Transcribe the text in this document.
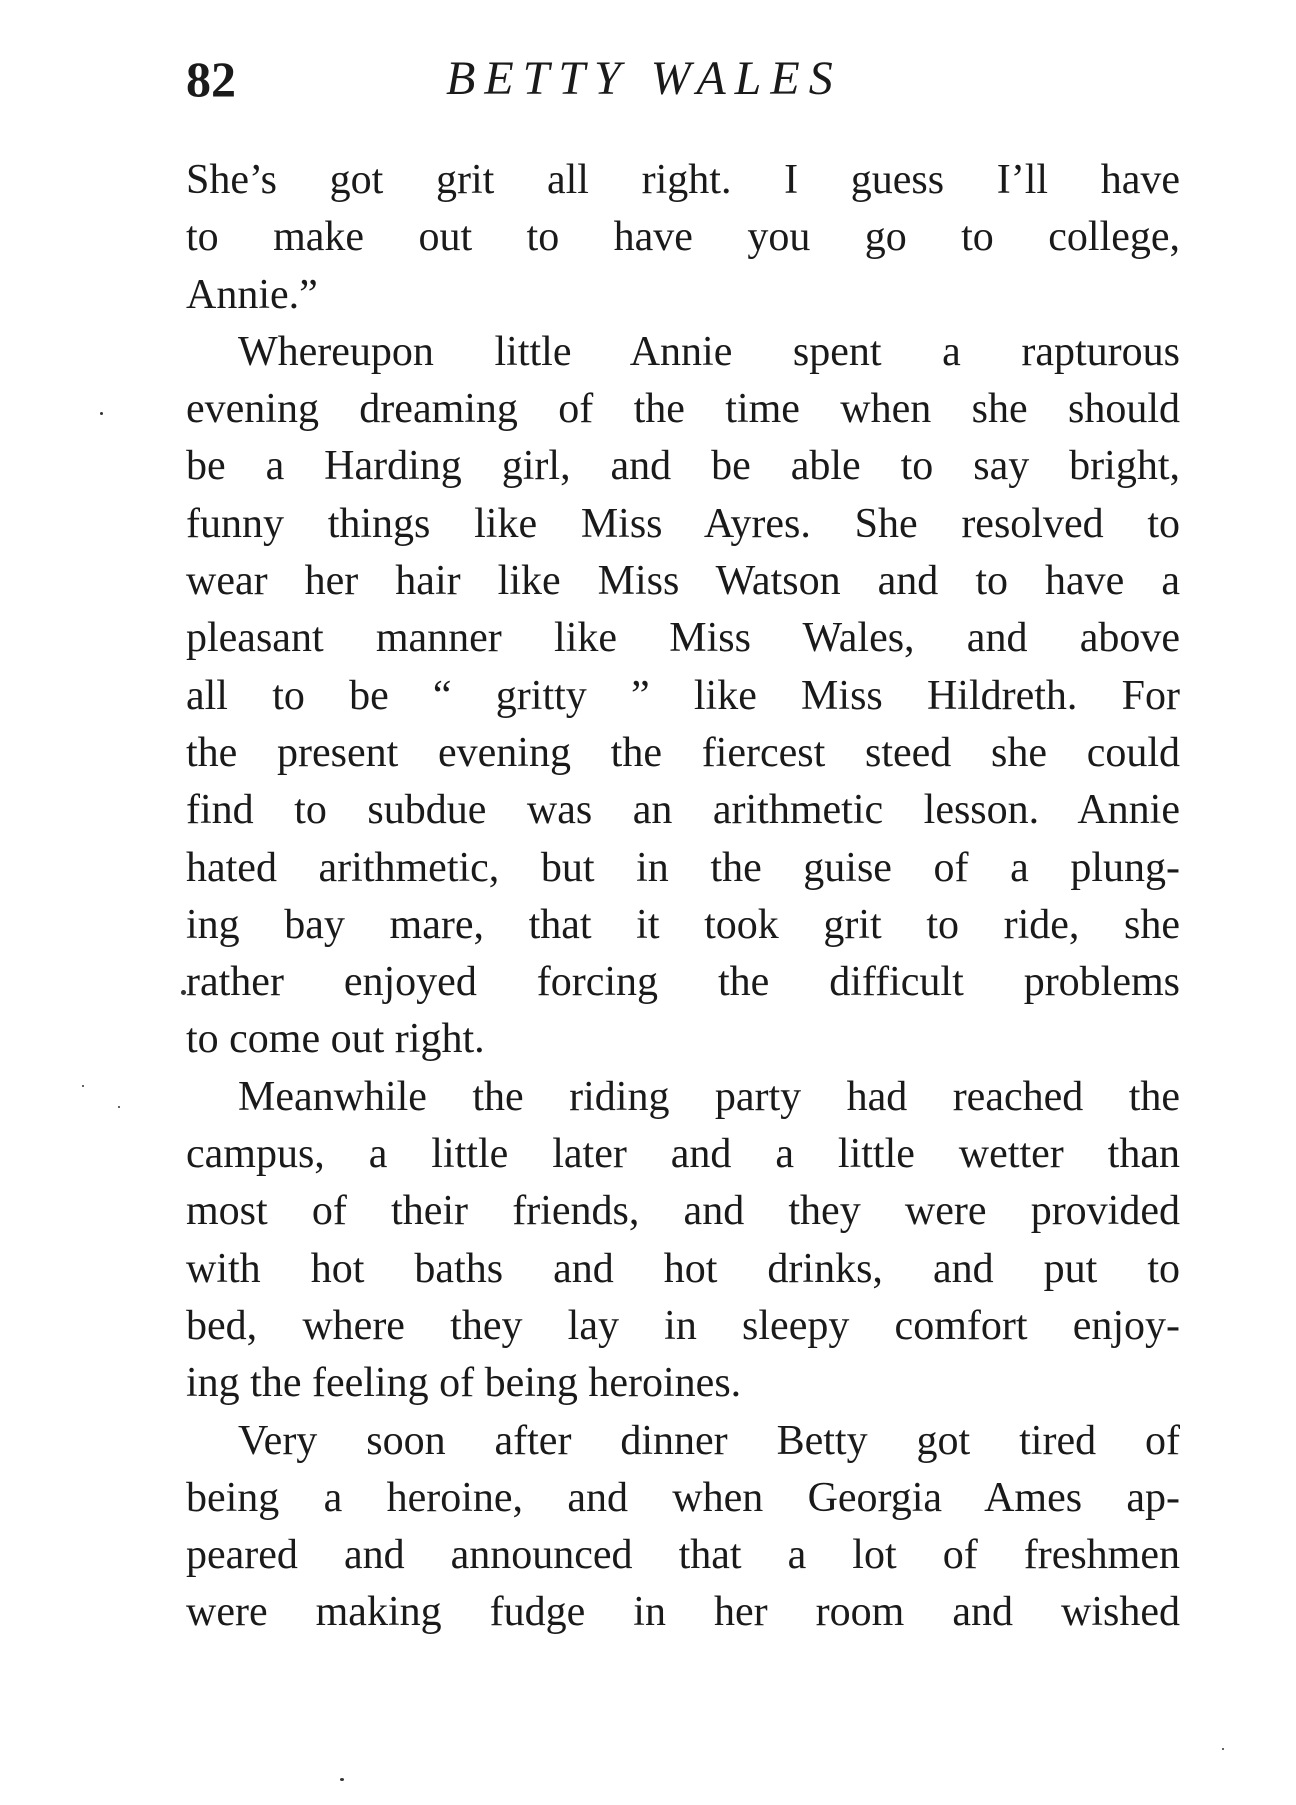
82	BETTY WALES
She’s got grit all right. I guess I’ll have
to make out to have you go to college,
Annie.”
Whereupon little Annie spent a rapturous
evening dreaming of the time when she should
be a Harding girl, and be able to say bright,
funny things like Miss Ayres. She resolved to
wear her hair like Miss Watson and to have a
pleasant manner like Miss Wales, and above
all to be “ gritty ” like Miss Hildreth. For
the present evening the fiercest steed she could
find to subdue was an arithmetic lesson. Annie
hated arithmetic, but in the guise of a plung-
ing bay mare, that it took grit to ride, she
rather enjoyed forcing the difficult problems
to come out right.
Meanwhile the riding party had reached the
campus, a little later and a little wetter than
most of their friends, and they were provided
with hot baths and hot drinks, and put to
bed, where they lay in sleepy comfort enjoy-
ing the feeling of being heroines.
Very soon after dinner Betty got tired of
being a heroine, and when Georgia Ames ap-
peared and announced that a lot of freshmen
were making fudge in her room and wished
